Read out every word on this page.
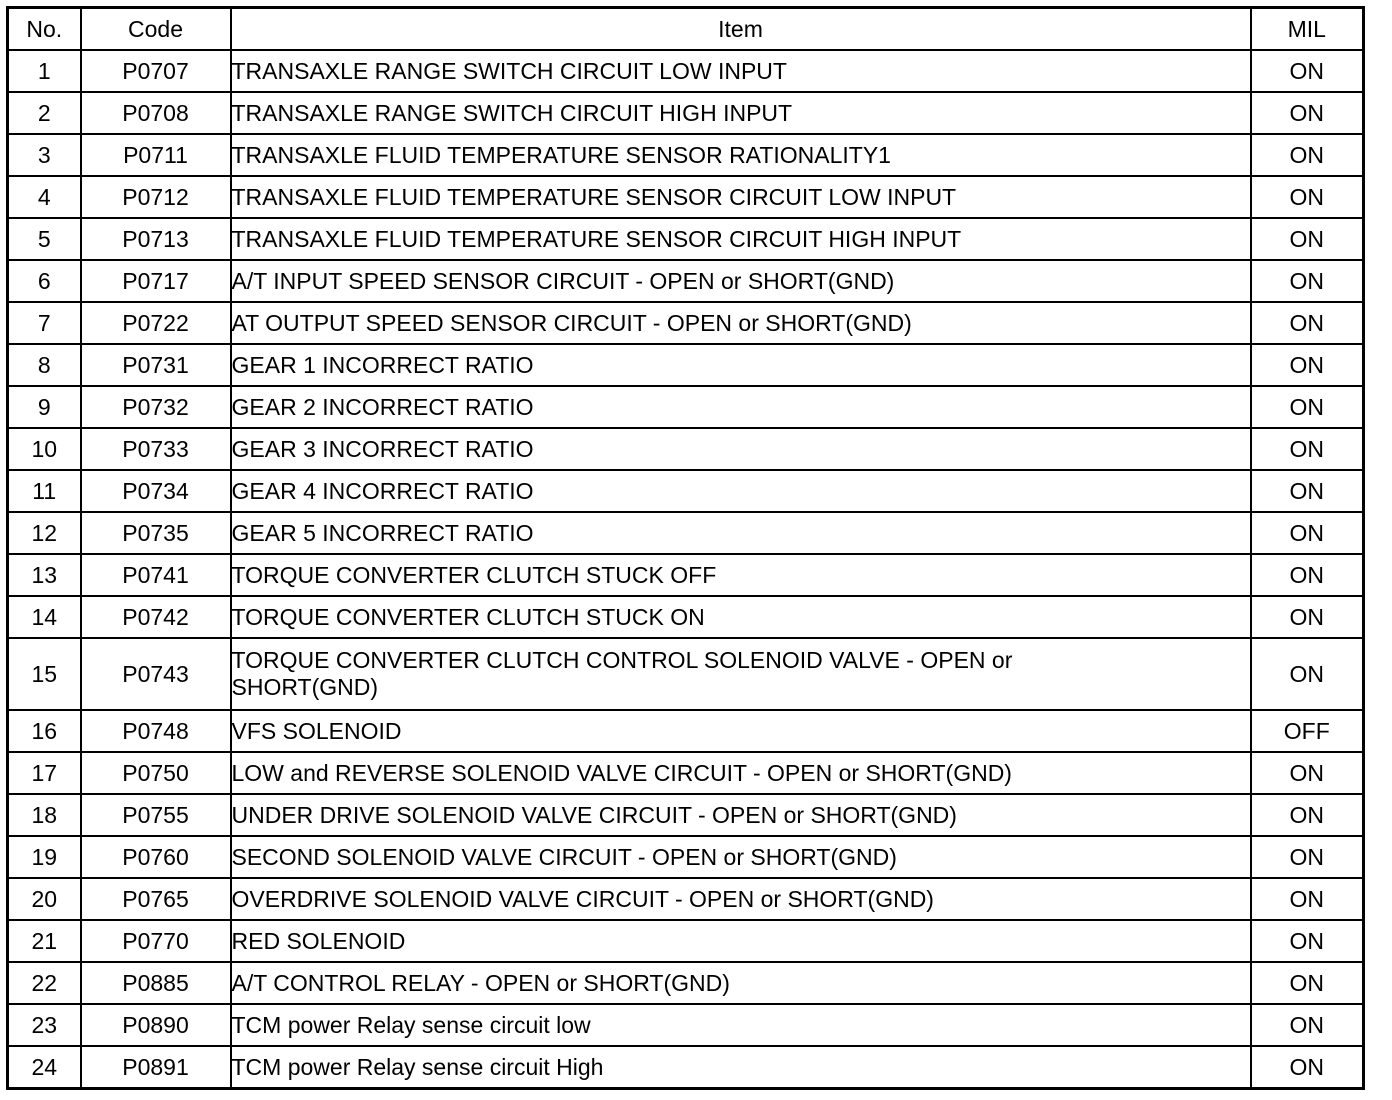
No.	Code	Item	MIL
1	P0707	TRANSAXLE RANGE SWITCH CIRCUIT LOW INPUT	ON
2	P0708	TRANSAXLE RANGE SWITCH CIRCUIT HIGH INPUT	ON
3	P0711	TRANSAXLE FLUID TEMPERATURE SENSOR RATIONALITY1	ON
4	P0712	TRANSAXLE FLUID TEMPERATURE SENSOR CIRCUIT LOW INPUT	ON
5	P0713	TRANSAXLE FLUID TEMPERATURE SENSOR CIRCUIT HIGH INPUT	ON
6	P0717	A/T INPUT SPEED SENSOR CIRCUIT - OPEN or SHORT(GND)	ON
7	P0722	AT OUTPUT SPEED SENSOR CIRCUIT - OPEN or SHORT(GND)	ON
8	P0731	GEAR 1 INCORRECT RATIO	ON
9	P0732	GEAR 2 INCORRECT RATIO	ON
10	P0733	GEAR 3 INCORRECT RATIO	ON
11	P0734	GEAR 4 INCORRECT RATIO	ON
12	P0735	GEAR 5 INCORRECT RATIO	ON
13	P0741	TORQUE CONVERTER CLUTCH STUCK OFF	ON
14	P0742	TORQUE CONVERTER CLUTCH STUCK ON	ON
15	P0743	TORQUE CONVERTER CLUTCH CONTROL SOLENOID VALVE - OPEN or
SHORT(GND)	ON
16	P0748	VFS SOLENOID	OFF
17	P0750	LOW and REVERSE SOLENOID VALVE CIRCUIT - OPEN or SHORT(GND)	ON
18	P0755	UNDER DRIVE SOLENOID VALVE CIRCUIT - OPEN or SHORT(GND)	ON
19	P0760	SECOND SOLENOID VALVE CIRCUIT - OPEN or SHORT(GND)	ON
20	P0765	OVERDRIVE SOLENOID VALVE CIRCUIT - OPEN or SHORT(GND)	ON
21	P0770	RED SOLENOID	ON
22	P0885	A/T CONTROL RELAY - OPEN or SHORT(GND)	ON
23	P0890	TCM power Relay sense circuit low	ON
24	P0891	TCM power Relay sense circuit High	ON
